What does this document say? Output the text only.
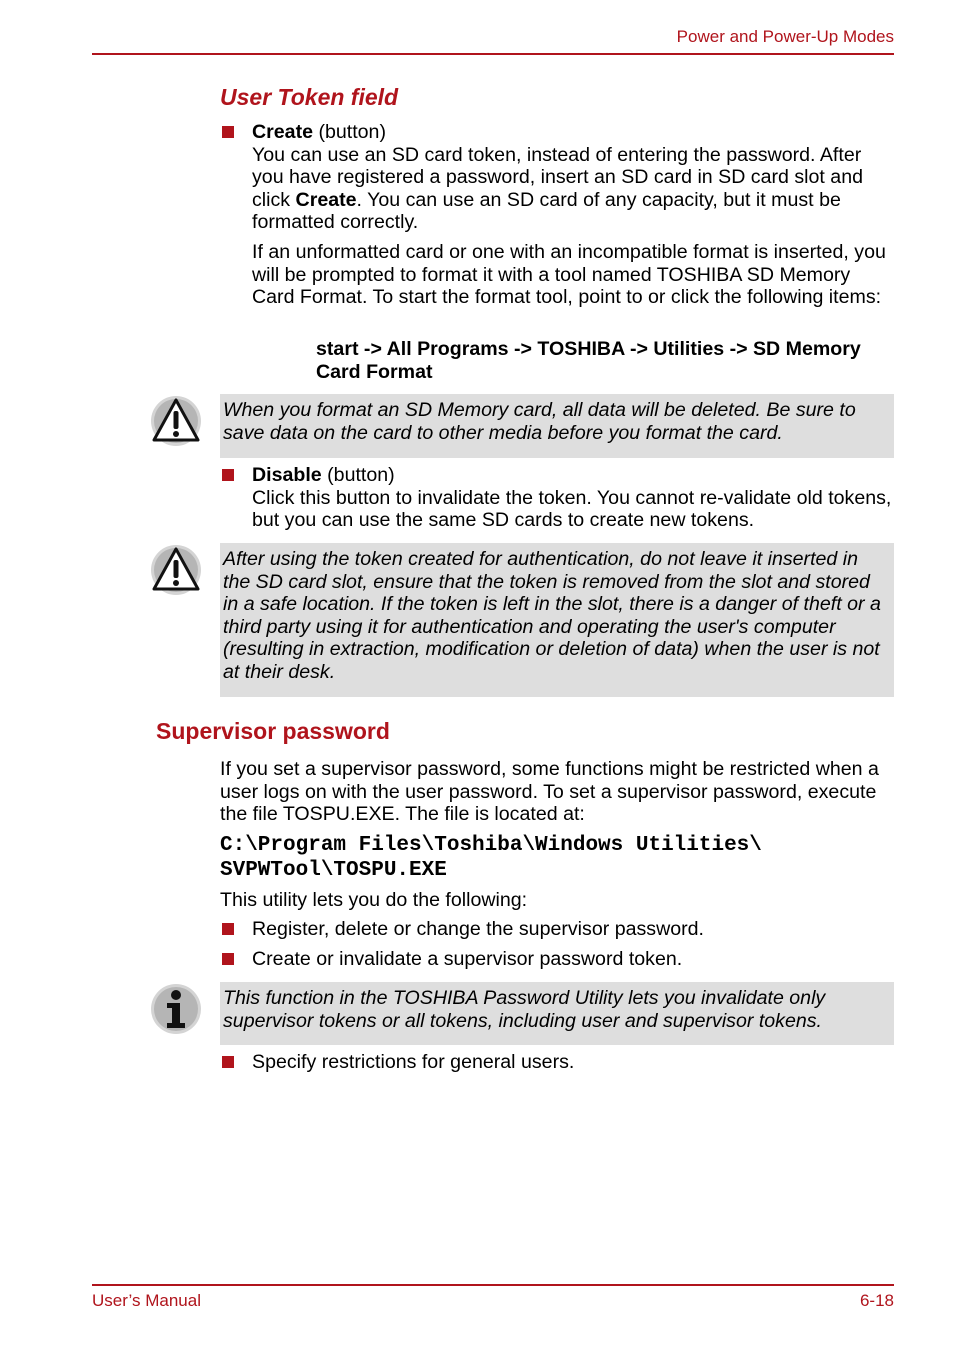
Power and Power-Up Modes
User Token field

Create (button)
You can use an SD card token, instead of entering the password. After you have registered a password, insert an SD card in SD card slot and click Create. You can use an SD card of any capacity, but it must be formatted correctly.

If an unformatted card or one with an incompatible format is inserted, you will be prompted to format it with a tool named TOSHIBA SD Memory Card Format. To start the format tool, point to or click the following items:

start -> All Programs -> TOSHIBA -> Utilities -> SD Memory
Card Format
When you format an SD Memory card, all data will be deleted. Be sure to save data on the card to other media before you format the card.

Disable (button)
Click this button to invalidate the token. You cannot re-validate old tokens, but you can use the same SD cards to create new tokens.

After using the token created for authentication, do not leave it inserted in the SD card slot, ensure that the token is removed from the slot and stored in a safe location. If the token is left in the slot, there is a danger of theft or a third party using it for authentication and operating the user's computer (resulting in extraction, modification or deletion of data) when the user is not at their desk.
Supervisor password
If you set a supervisor password, some functions might be restricted when a user logs on with the user password. To set a supervisor password, execute the file TOSPU.EXE. The file is located at:
C:\Program Files\Toshiba\Windows Utilities\
SVPWTool\TOSPU.EXE
This utility lets you do the following:
Register, delete or change the supervisor password.
Create or invalidate a supervisor password token.
This function in the TOSHIBA Password Utility lets you invalidate only supervisor tokens or all tokens, including user and supervisor tokens.
Specify restrictions for general users.
User’s Manual	6-18
